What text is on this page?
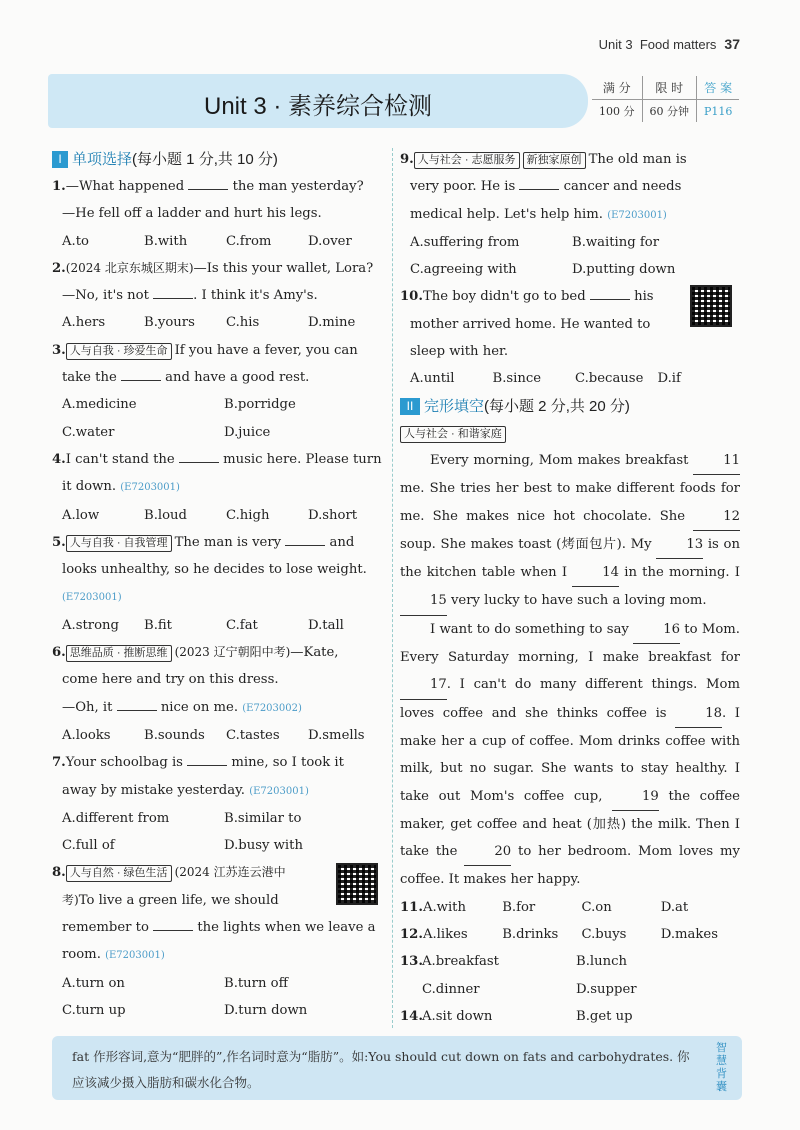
Unit 3 Food matters 37
Unit 3 · 素养综合检测
满 分	限 时	答 案
100 分	60 分钟	P116
I 单项选择(每小题 1 分,共 10 分)
1.—What happened	the man yesterday?
—He fell off a ladder and hurt his legs.
A.to	B.with	C.from	D.over
2.(2024 北京东城区期末)—Is this your wallet, Lora?
—No, it's not	. I think it's Amy's.
A.hers	B.yours	C.his	D.mine
3. 人与自我 · 珍爱生命 If you have a fever, you can
take the	and have a good rest.
A.medicine	B.porridge
C.water	D.juice
4.I can't stand the	music here. Please turn
it down. (E7203001)
A.low	B.loud	C.high	D.short
5. 人与自我 · 自我管理 The man is very	and
looks unhealthy, so he decides to lose weight.
(E7203001)
A.strong	B.fit	C.fat	D.tall
6. 思维品质 · 推断思维 (2023 辽宁朝阳中考)—Kate,
come here and try on this dress.
—Oh, it	nice on me. (E7203002)
A.looks	B.sounds	C.tastes	D.smells
7.Your schoolbag is	mine, so I took it
away by mistake yesterday. (E7203001)
A.different from	B.similar to
C.full of	D.busy with
8. 人与自然 · 绿色生活 (2024 江苏连云港中
考)To live a green life, we should
remember to	the lights when we leave a
room. (E7203001)
A.turn on	B.turn off
C.turn up	D.turn down
9. 人与社会 · 志愿服务 新独家原创 The old man is
very poor. He is	cancer and needs
medical help. Let's help him. (E7203001)
A.suffering from	B.waiting for
C.agreeing with	D.putting down
10.The boy didn't go to bed	his
mother arrived home. He wanted to
sleep with her.
A.until	B.since	C.because	D.if
II 完形填空(每小题 2 分,共 20 分)
人与社会 · 和谐家庭

Every morning, Mom makes breakfast	11 me. She tries her best to make different foods for me. She makes nice hot chocolate. She	12 soup. She makes toast (烤面包片). My	13 is on the kitchen table when I	14 in the morning. I 15 very lucky to have such a loving mom.

I want to do something to say	16 to Mom. Every Saturday morning, I make breakfast for 17. I can't do many different things. Mom loves coffee and she thinks coffee is	18. I make her a cup of coffee. Mom drinks coffee with milk, but no sugar. She wants to stay healthy. I take out Mom's coffee cup,	19 the coffee maker, get coffee and heat (加热) the milk. Then I take the	20 to her bedroom. Mom loves my coffee. It makes her happy.

11. A.with	B.for	C.on	D.at
12. A.likes	B.drinks	C.buys	D.makes
13. A.breakfast	B.lunch
C.dinner	D.supper
14. A.sit down	B.get up
fat 作形容词,意为“肥胖的”,作名词时意为“脂肪”。如:You should cut down on fats and carbohydrates. 你应该减少摄入脂肪和碳水化合物。
智慧背囊
